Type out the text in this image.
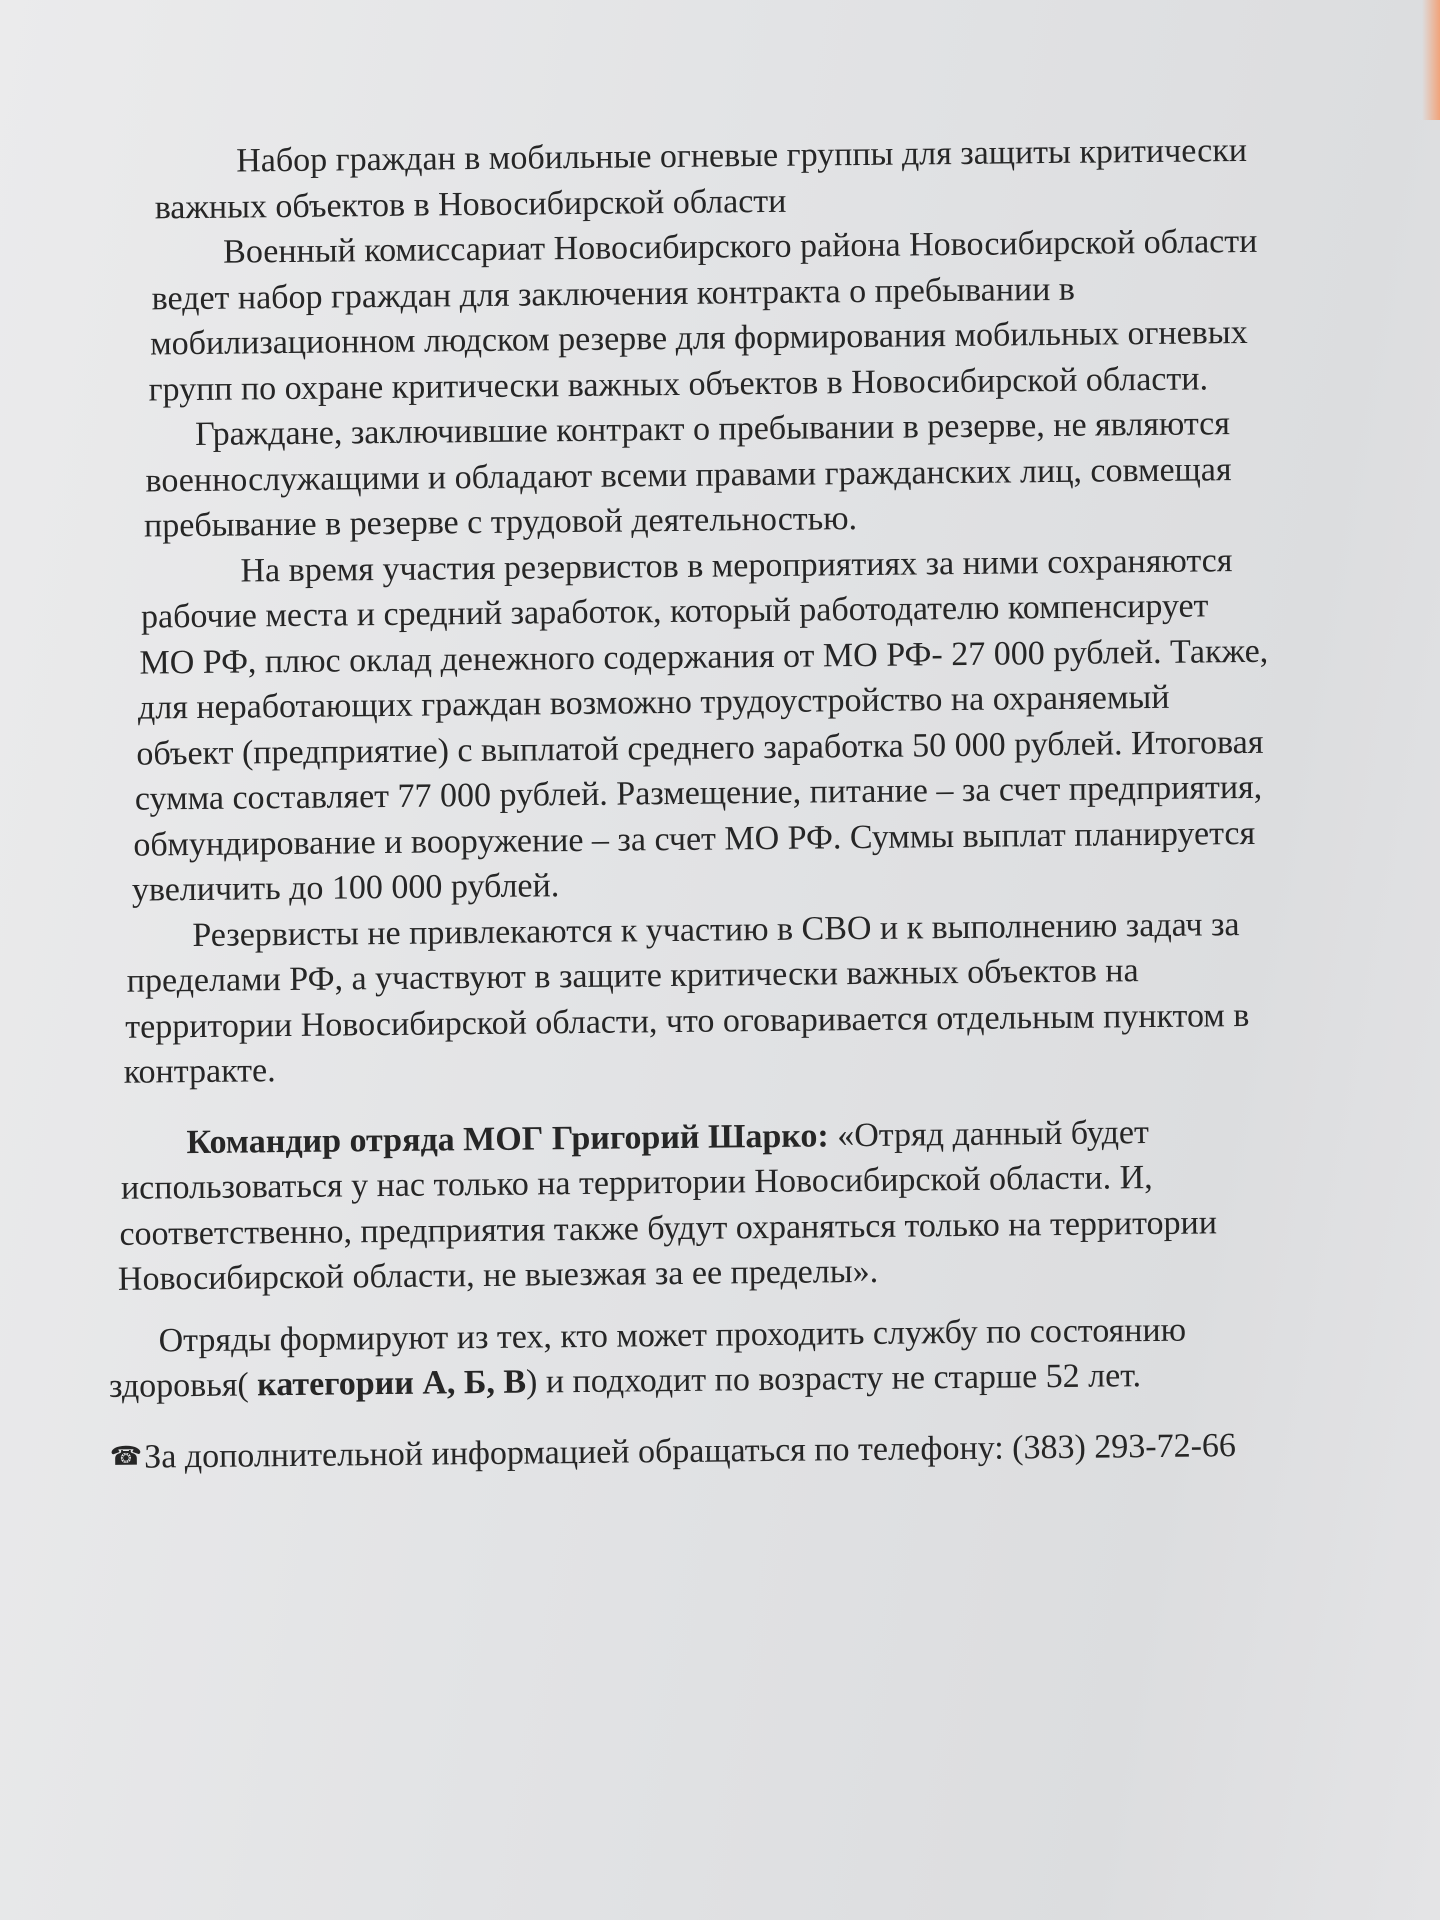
Набор граждан в мобильные огневые группы для защиты критически
важных объектов в Новосибирской области
Военный комиссариат Новосибирского района Новосибирской области
ведет набор граждан для заключения контракта о пребывании в
мобилизационном людском резерве для формирования мобильных огневых
групп по охране критически важных объектов в Новосибирской области.
Граждане, заключившие контракт о пребывании в резерве, не являются
военнослужащими и обладают всеми правами гражданских лиц, совмещая
пребывание в резерве с трудовой деятельностью.
На время участия резервистов в мероприятиях за ними сохраняются
рабочие места и средний заработок, который работодателю компенсирует
МО РФ, плюс оклад денежного содержания от МО РФ- 27 000 рублей. Также,
для неработающих граждан возможно трудоустройство на охраняемый
объект (предприятие) с выплатой среднего заработка 50 000 рублей. Итоговая
сумма составляет 77 000 рублей. Размещение, питание – за счет предприятия,
обмундирование и вооружение – за счет МО РФ. Суммы выплат планируется
увеличить до 100 000 рублей.
Резервисты не привлекаются к участию в СВО и к выполнению задач за
пределами РФ, а участвуют в защите критически важных объектов на
территории Новосибирской области, что оговаривается отдельным пунктом в
контракте.
Командир отряда МОГ Григорий Шарко: «Отряд данный будет
использоваться у нас только на территории Новосибирской области. И,
соответственно, предприятия также будут охраняться только на территории
Новосибирской области, не выезжая за ее пределы».
Отряды формируют из тех, кто может проходить службу по состоянию
здоровья( категории А, Б, В) и подходит по возрасту не старше 52 лет.
☎За дополнительной информацией обращаться по телефону: (383) 293-72-66
